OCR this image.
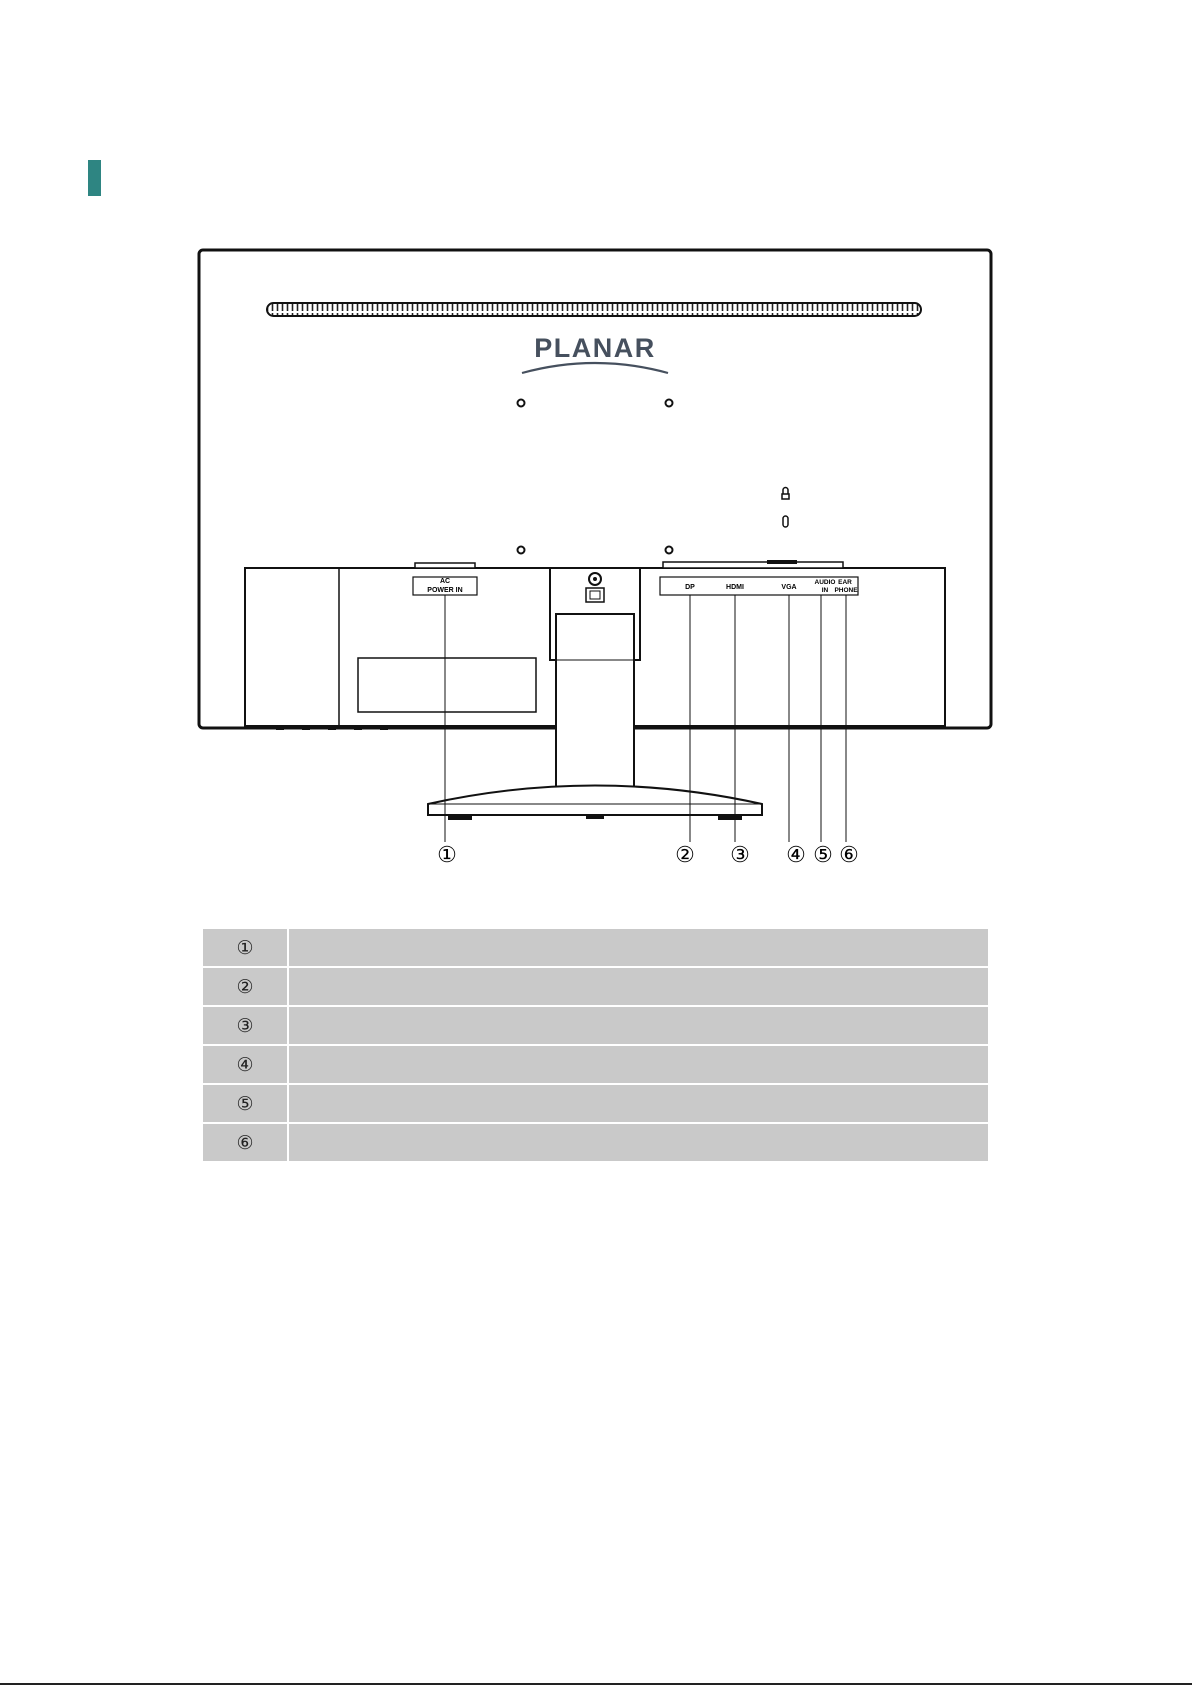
PLANAR
AC
POWER IN	DP	HDMI	VGA
AUDIO
IN
EAR
PHONE
①	② ③ ④ ⑤ ⑥
①	
②	
③	
④	
⑤	
⑥	
